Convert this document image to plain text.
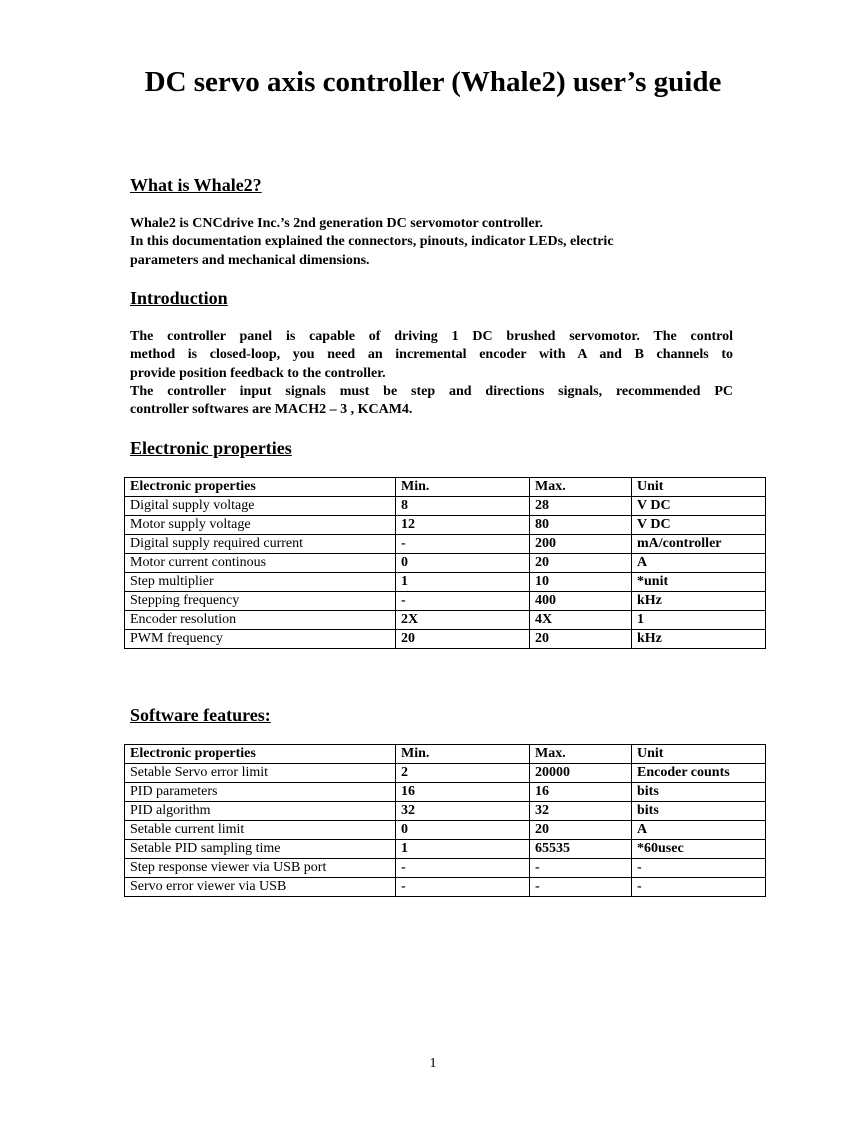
DC servo axis controller (Whale2) user’s guide
What is Whale2?

Whale2 is CNCdrive Inc.’s 2nd generation DC servomotor controller.
In this documentation explained the connectors, pinouts, indicator LEDs, electric
parameters and mechanical dimensions.

Introduction

The controller panel is capable of driving 1 DC brushed servomotor. The control
method is closed-loop, you need an incremental encoder with A and B channels to
provide position feedback to the controller.
The controller input signals must be step and directions signals, recommended PC
controller softwares are MACH2 – 3 , KCAM4.

Electronic properties
Electronic properties	Min.	Max.	Unit
Digital supply voltage	8	28	V DC
Motor supply voltage	12	80	V DC
Digital supply required current	-	200	mA/controller
Motor current continous	0	20	A
Step multiplier	1	10	*unit
Stepping frequency	-	400	kHz
Encoder resolution	2X	4X	1
PWM frequency	20	20	kHz
Software features:
Electronic properties	Min.	Max.	Unit
Setable Servo error limit	2	20000	Encoder counts
PID parameters	16	16	bits
PID algorithm	32	32	bits
Setable current limit	0	20	A
Setable PID sampling time	1	65535	*60usec
Step response viewer via USB port	-	-	-
Servo error viewer via USB	-	-	-
1
